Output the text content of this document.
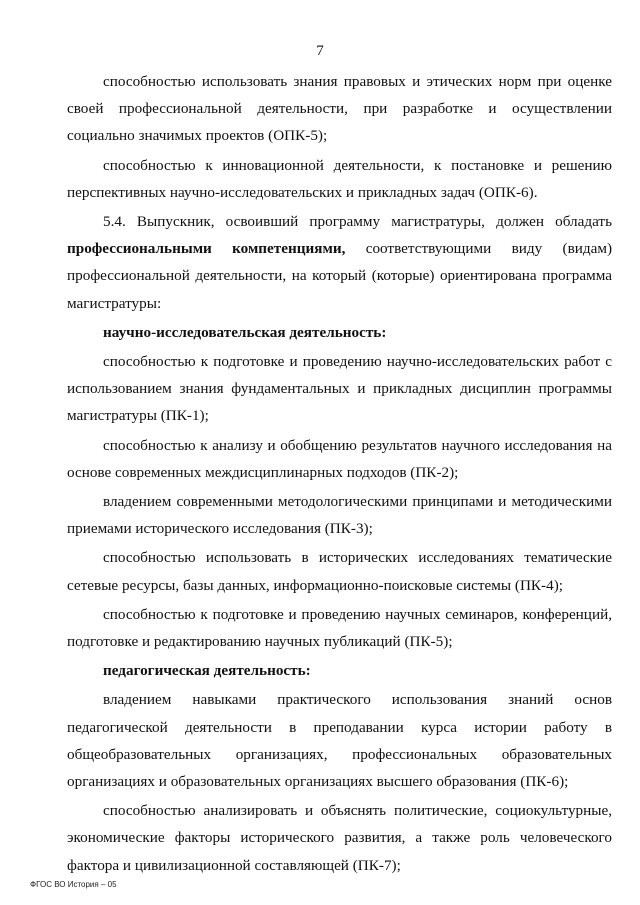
7

способностью использовать знания правовых и этических норм при оценке своей профессиональной деятельности, при разработке и осуществлении социально значимых проектов (ОПК-5);

способностью к инновационной деятельности, к постановке и решению перспективных научно-исследовательских и прикладных задач (ОПК-6).

5.4. Выпускник, освоивший программу магистратуры, должен обладать профессиональными компетенциями, соответствующими виду (видам) профессиональной деятельности, на который (которые) ориентирована программа магистратуры:

научно-исследовательская деятельность:

способностью к подготовке и проведению научно-исследовательских работ с использованием знания фундаментальных и прикладных дисциплин программы магистратуры (ПК-1);

способностью к анализу и обобщению результатов научного исследования на основе современных междисциплинарных подходов (ПК-2);

владением современными методологическими принципами и методическими приемами исторического исследования (ПК-3);

способностью использовать в исторических исследованиях тематические сетевые ресурсы, базы данных, информационно-поисковые системы (ПК-4);

способностью к подготовке и проведению научных семинаров, конференций, подготовке и редактированию научных публикаций (ПК-5);

педагогическая деятельность:

владением навыками практического использования знаний основ педагогической деятельности в преподавании курса истории работу в общеобразовательных организациях, профессиональных образовательных организациях и образовательных организациях высшего образования (ПК-6);

способностью анализировать и объяснять политические, социокультурные, экономические факторы исторического развития, а также роль человеческого фактора и цивилизационной составляющей (ПК-7);

ФГОС ВО История – 05
